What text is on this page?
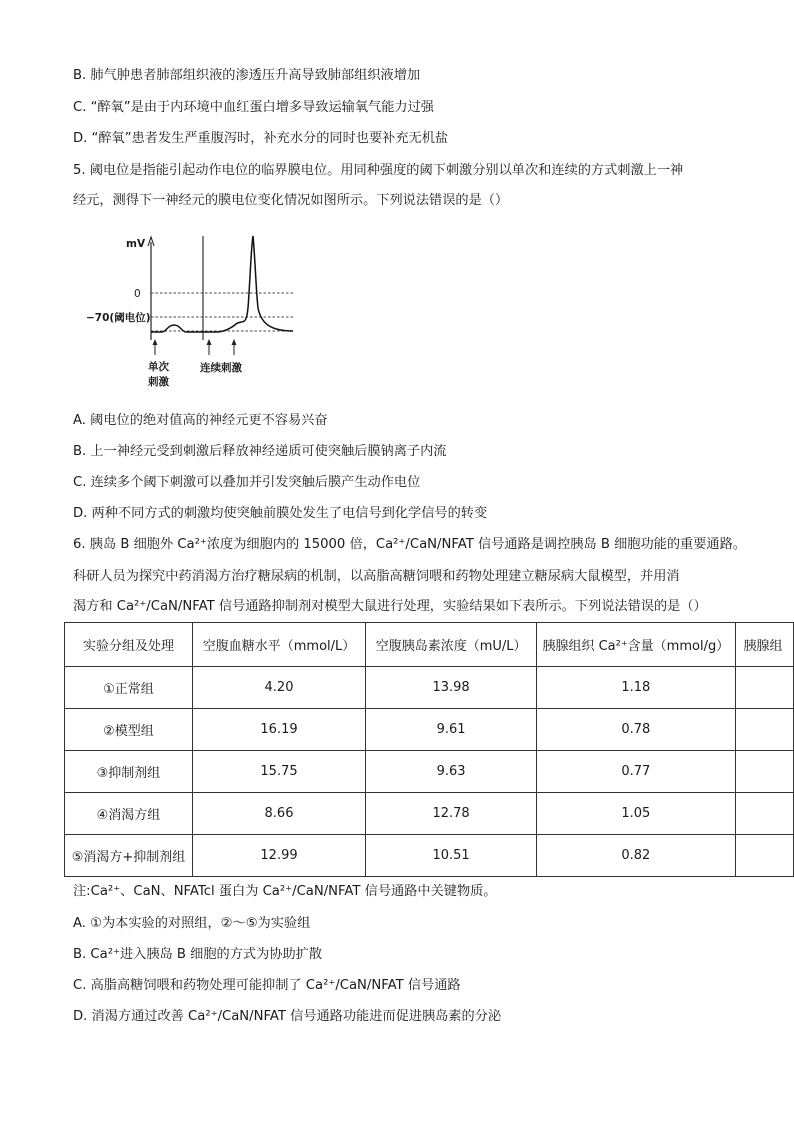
B. 肺气肿患者肺部组织液的渗透压升高导致肺部组织液增加
C. “醉氧”是由于内环境中血红蛋白增多导致运输氧气能力过强
D. “醉氧”患者发生严重腹泻时，补充水分的同时也要补充无机盐
5. 阈电位是指能引起动作电位的临界膜电位。用同种强度的阈下刺激分别以单次和连续的方式刺激上一神
经元，测得下一神经元的膜电位变化情况如图所示。下列说法错误的是（）
mV
0
−70(阈电位)
单次
刺激
连续刺激
A. 阈电位的绝对值高的神经元更不容易兴奋
B. 上一神经元受到刺激后释放神经递质可使突触后膜钠离子内流
C. 连续多个阈下刺激可以叠加并引发突触后膜产生动作电位
D. 两种不同方式的刺激均使突触前膜处发生了电信号到化学信号的转变
6. 胰岛 B 细胞外 Ca²⁺浓度为细胞内的 15000 倍，Ca²⁺/CaN/NFAT 信号通路是调控胰岛 B 细胞功能的重要通路。
科研人员为探究中药消渴方治疗糖尿病的机制，以高脂高糖饲喂和药物处理建立糖尿病大鼠模型，并用消
渴方和 Ca²⁺/CaN/NFAT 信号通路抑制剂对模型大鼠进行处理，实验结果如下表所示。下列说法错误的是（）
实验分组及处理	空腹血糖水平（mmol/L）	空腹胰岛素浓度（mU/L）	胰腺组织 Ca²⁺含量（mmol/g）	胰腺组
①正常组	4.20	13.98	1.18	
②模型组	16.19	9.61	0.78	
③抑制剂组	15.75	9.63	0.77	
④消渴方组	8.66	12.78	1.05	
⑤消渴方+抑制剂组	12.99	10.51	0.82	
注:Ca²⁺、CaN、NFATcl 蛋白为 Ca²⁺/CaN/NFAT 信号通路中关键物质。
A. ①为本实验的对照组，②～⑤为实验组
B. Ca²⁺进入胰岛 B 细胞的方式为协助扩散
C. 高脂高糖饲喂和药物处理可能抑制了 Ca²⁺/CaN/NFAT 信号通路
D. 消渴方通过改善 Ca²⁺/CaN/NFAT 信号通路功能进而促进胰岛素的分泌
